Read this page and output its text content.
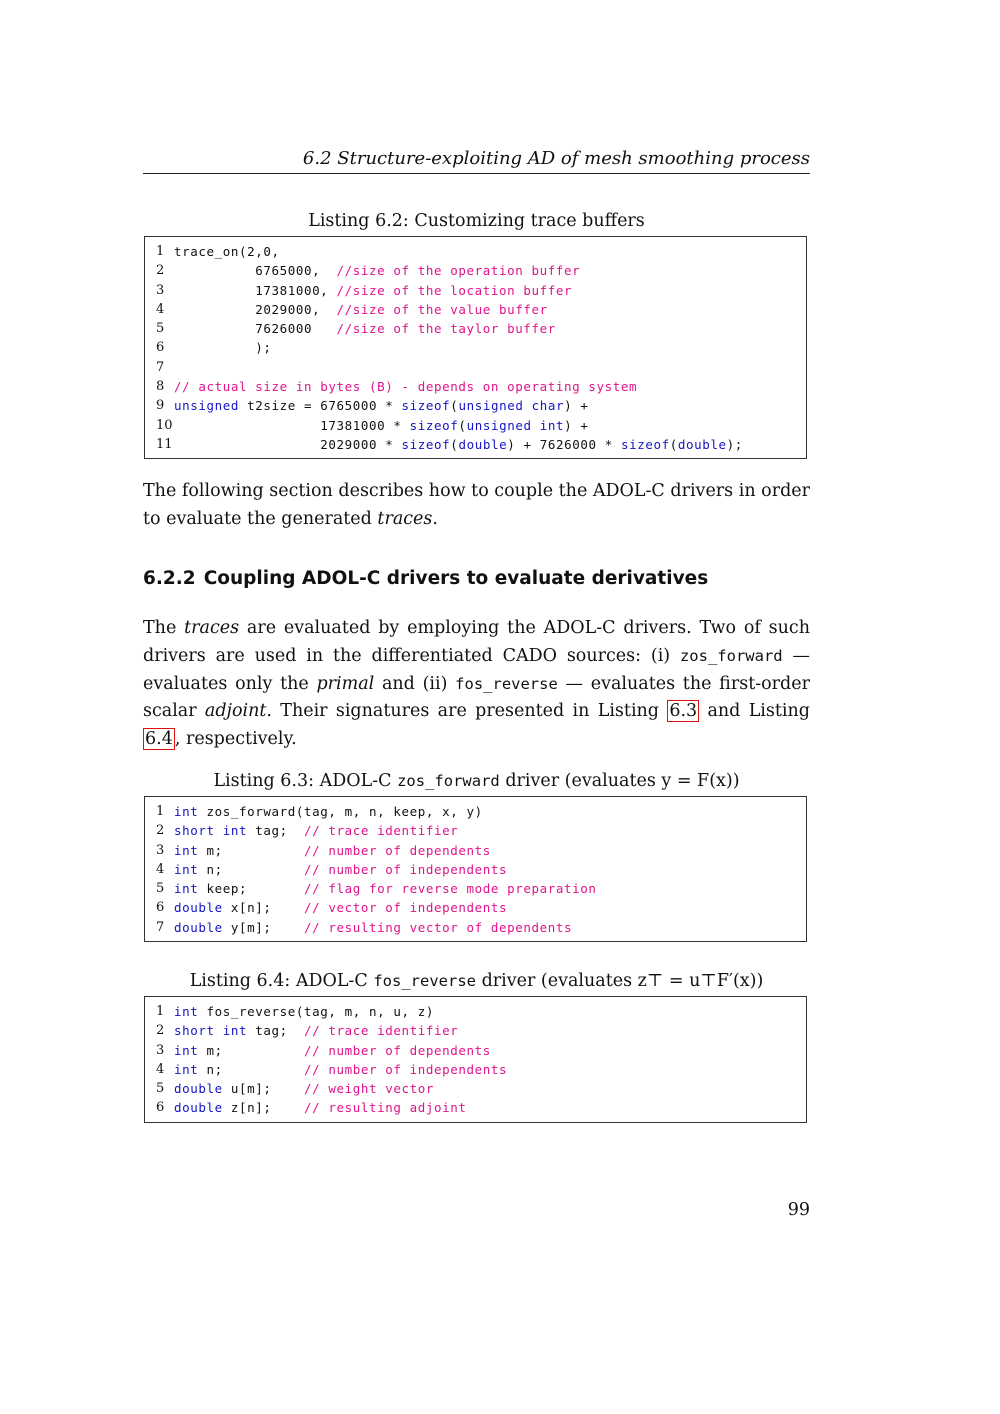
6.2 Structure-exploiting AD of mesh smoothing process
Listing 6.2: Customizing trace buffers
1 trace_on(2,0,
2 6765000,  //size of the operation buffer
3 17381000, //size of the location buffer
4 2029000,  //size of the value buffer
5 7626000   //size of the taylor buffer
6 );
7
8 // actual size in bytes (B) - depends on operating system
9 unsigned t2size = 6765000 * sizeof(unsigned char) +
10 17381000 * sizeof(unsigned int) +
11 2029000 * sizeof(double) + 7626000 * sizeof(double);
The following section describes how to couple the ADOL-C drivers in order to evaluate the generated traces.
6.2.2 Coupling ADOL-C drivers to evaluate derivatives
The traces are evaluated by employing the ADOL-C drivers. Two of such drivers are used in the differentiated CADO sources: (i) zos_forward — evaluates only the primal and (ii) fos_reverse — evaluates the first-order scalar adjoint. Their signatures are presented in Listing 6.3 and Listing 6.4 , respectively.
Listing 6.3: ADOL-C zos_forward driver (evaluates y = F(x))
1 int zos_forward(tag, m, n, keep, x, y)
2 short int tag;  // trace identifier
3 int m;          // number of dependents
4 int n;          // number of independents
5 int keep;       // flag for reverse mode preparation
6 double x[n];    // vector of independents
7 double y[m];    // resulting vector of dependents
Listing 6.4: ADOL-C fos_reverse driver (evaluates z⊤ = u⊤F′(x))
1 int fos_reverse(tag, m, n, u, z)
2 short int tag;  // trace identifier
3 int m;          // number of dependents
4 int n;          // number of independents
5 double u[m];    // weight vector
6 double z[n];    // resulting adjoint
99
